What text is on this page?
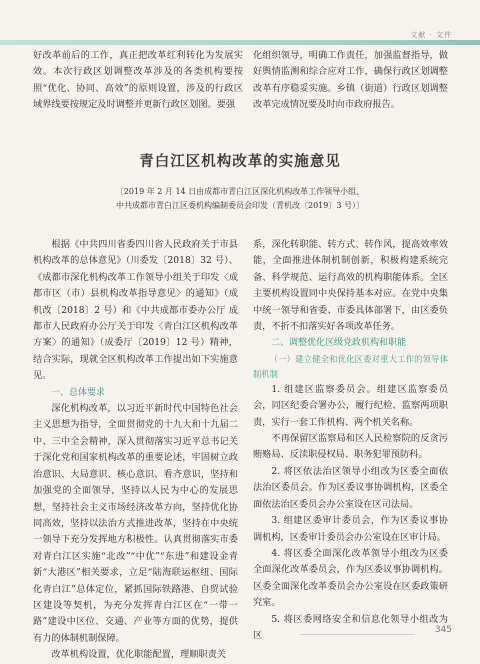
文献 · 文件

好改革前后的工作，真正把改革红利转化为发展实效。本次行政区划调整改革涉及的各类机构要按照“优化、协同、高效”的原则设置，涉及的行政区域界线要按规定及时调整并更新行政区划图。要强

化组织领导，明确工作责任，加强监督指导，做好舆情监测和综合应对工作，确保行政区划调整改革有序稳妥实施。乡镇（街道）行政区划调整改革完成情况要及时向市政府报告。

青白江区机构改革的实施意见
〔2019 年 2 月 14 日由成都市青白江区深化机构改革工作领导小组、
中共成都市青白江区委机构编制委员会印发（青机改〔2019〕3 号）〕

根据《中共四川省委四川省人民政府关于市县机构改革的总体意见》（川委发〔2018〕32 号）、《成都市深化机构改革工作领导小组关于印发〈成都市区（市）县机构改革指导意见〉的通知》（成机改〔2018〕2 号）和《中共成都市委办公厅 成都市人民政府办公厅关于印发〈青白江区机构改革方案〉的通知》（成委厅〔2019〕12 号）精神，结合实际，现就全区机构改革工作提出如下实施意见。

一、总体要求

深化机构改革，以习近平新时代中国特色社会主义思想为指导，全面贯彻党的十九大和十九届二中、三中全会精神，深入贯彻落实习近平总书记关于深化党和国家机构改革的重要论述，牢固树立政治意识、大局意识、核心意识、看齐意识，坚持和加强党的全面领导，坚持以人民为中心的发展思想，坚持社会主义市场经济改革方向，坚持优化协同高效，坚持以法治方式推进改革，坚持在中央统一领导下充分发挥地方积极性。认真贯彻落实市委对青白江区实施“北改”“中优”“东进”和建设金青新“大港区”相关要求，立足“陆海联运枢纽、国际化青白江”总体定位，紧抓国际铁路港、自贸试验区建设等契机，为充分发挥青白江区在“一带一路”建设中区位、交通、产业等方面的优势，提供有力的体制机制保障。

改革机构设置，优化职能配置，理顺职责关

系，深化转职能、转方式、转作风，提高效率效能，全面推进体制机制创新，积极构建系统完备、科学规范、运行高效的机构职能体系。全区主要机构设置同中央保持基本对应。在党中央集中统一领导和省委、市委具体部署下，由区委负责，不折不扣落实好各项改革任务。

二、调整优化区级党政机构和职能

（一）建立健全和优化区委对重大工作的领导体制机制

1. 组建区监察委员会。组建区监察委员会，同区纪委合署办公，履行纪检、监察两项职责，实行一套工作机构、两个机关名称。

不再保留区监察局和区人民检察院的反贪污贿赂局、反渎职侵权局、职务犯罪预防科。

2. 将区依法治区领导小组改为区委全面依法治区委员会。作为区委议事协调机构，区委全面依法治区委员会办公室设在区司法局。

3. 组建区委审计委员会，作为区委议事协调机构，区委审计委员会办公室设在区审计局。

4. 将区委全面深化改革领导小组改为区委全面深化改革委员会，作为区委议事协调机构。区委全面深化改革委员会办公室设在区委政策研究室。

5. 将区委网络安全和信息化领导小组改为区	345
